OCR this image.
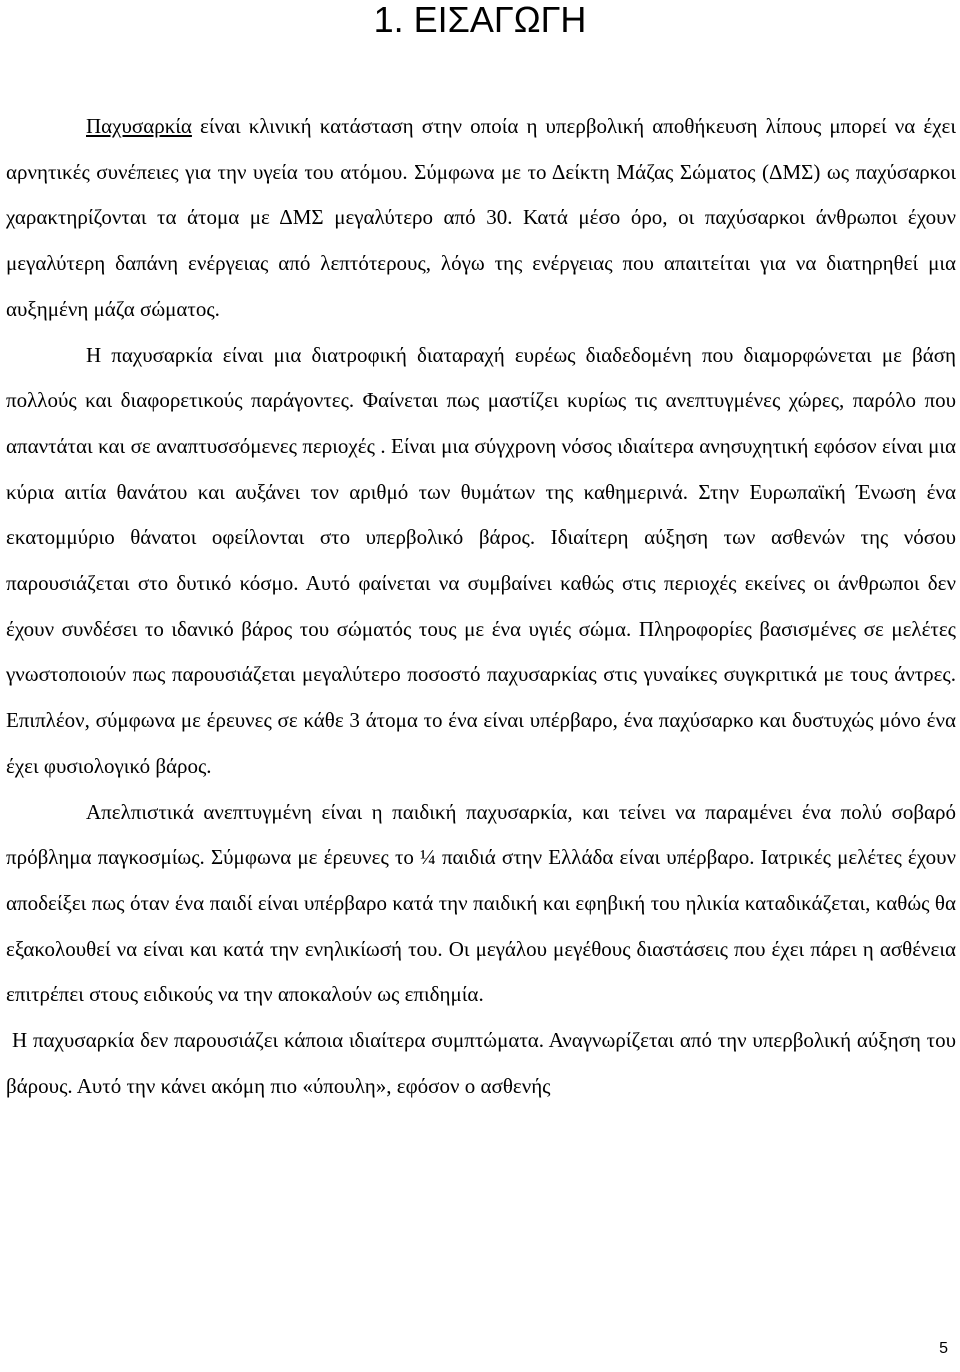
1. ΕΙΣΑΓΩΓΗ

Παχυσαρκία είναι κλινική κατάσταση στην οποία η υπερβολική αποθήκευση λίπους μπορεί να έχει αρνητικές συνέπειες για την υγεία του ατόμου. Σύμφωνα με το Δείκτη Μάζας Σώματος (ΔΜΣ) ως παχύσαρκοι χαρακτηρίζονται τα άτομα με ΔΜΣ μεγαλύτερο από 30. Κατά μέσο όρο, οι παχύσαρκοι άνθρωποι έχουν μεγαλύτερη δαπάνη ενέργειας από λεπτότερους, λόγω της ενέργειας που απαιτείται για να διατηρηθεί μια αυξημένη μάζα σώματος.

Η παχυσαρκία είναι μια διατροφική διαταραχή ευρέως διαδεδομένη που διαμορφώνεται με βάση πολλούς και διαφορετικούς παράγοντες. Φαίνεται πως μαστίζει κυρίως τις ανεπτυγμένες χώρες, παρόλο που απαντάται και σε αναπτυσσόμενες περιοχές . Είναι μια σύγχρονη νόσος ιδιαίτερα ανησυχητική εφόσον είναι μια κύρια αιτία θανάτου και αυξάνει τον αριθμό των θυμάτων της καθημερινά. Στην Ευρωπαϊκή Ένωση ένα εκατομμύριο θάνατοι οφείλονται στο υπερβολικό βάρος. Ιδιαίτερη αύξηση των ασθενών της νόσου παρουσιάζεται στο δυτικό κόσμο. Αυτό φαίνεται να συμβαίνει καθώς στις περιοχές εκείνες οι άνθρωποι δεν έχουν συνδέσει το ιδανικό βάρος του σώματός τους με ένα υγιές σώμα. Πληροφορίες βασισμένες σε μελέτες γνωστοποιούν πως παρουσιάζεται μεγαλύτερο ποσοστό παχυσαρκίας στις γυναίκες συγκριτικά με τους άντρες. Επιπλέον, σύμφωνα με έρευνες σε κάθε 3 άτομα το ένα είναι υπέρβαρο, ένα παχύσαρκο και δυστυχώς μόνο ένα έχει φυσιολογικό βάρος.

Απελπιστικά ανεπτυγμένη είναι η παιδική παχυσαρκία, και τείνει να παραμένει ένα πολύ σοβαρό πρόβλημα παγκοσμίως. Σύμφωνα με έρευνες το ¼ παιδιά στην Ελλάδα είναι υπέρβαρο. Ιατρικές μελέτες έχουν αποδείξει πως όταν ένα παιδί είναι υπέρβαρο κατά την παιδική και εφηβική του ηλικία καταδικάζεται, καθώς θα εξακολουθεί να είναι και κατά την ενηλικίωσή του. Οι μεγάλου μεγέθους διαστάσεις που έχει πάρει η ασθένεια επιτρέπει στους ειδικούς να την αποκαλούν ως επιδημία.

Η παχυσαρκία δεν παρουσιάζει κάποια ιδιαίτερα συμπτώματα. Αναγνωρίζεται από την υπερβολική αύξηση του βάρους. Αυτό την κάνει ακόμη πιο «ύπουλη», εφόσον ο ασθενής

5
